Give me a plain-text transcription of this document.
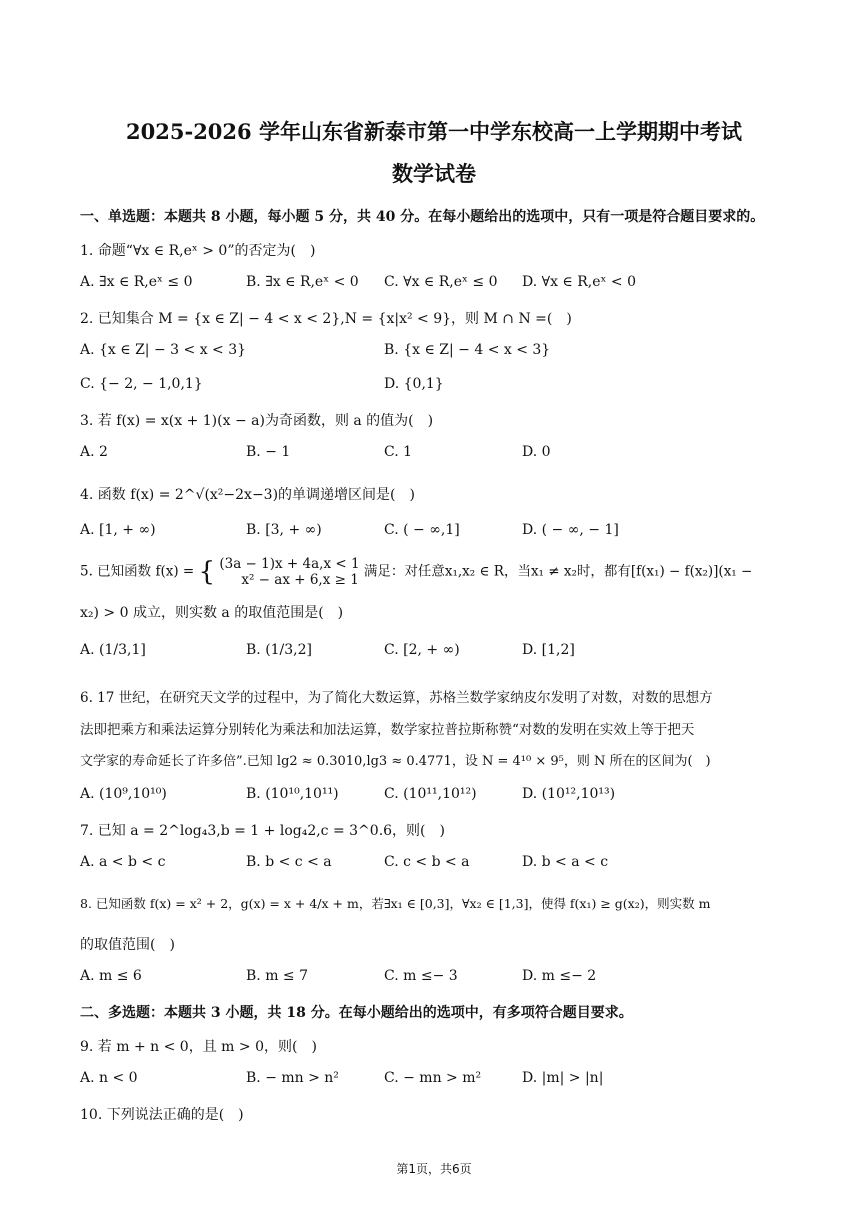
2025-2026 学年山东省新泰市第一中学东校高一上学期期中考试
数学试卷
一、单选题：本题共 8 小题，每小题 5 分，共 40 分。在每小题给出的选项中，只有一项是符合题目要求的。
1. 命题“∀x ∈ R,eˣ > 0”的否定为(　)
A. ∃x ∈ R,eˣ ≤ 0	B. ∃x ∈ R,eˣ < 0 C. ∀x ∈ R,eˣ ≤ 0 D. ∀x ∈ R,eˣ < 0
2. 已知集合 M = {x ∈ Z| − 4 < x < 2},N = {x|x² < 9}，则 M ∩ N =(　)
A. {x ∈ Z| − 3 < x < 3}	B. {x ∈ Z| − 4 < x < 3}
C. {− 2, − 1,0,1}	D. {0,1}
3. 若 f(x) = x(x + 1)(x − a)为奇函数，则 a 的值为(　)
A. 2	B. − 1	C. 1	D. 0
4. 函数 f(x) = 2^√(x²−2x−3)的单调递增区间是(　)
A. [1, + ∞)	B. [3, + ∞)	C. ( − ∞,1]	D. ( − ∞, − 1]
5. 已知函数 f(x) = { (3a − 1)x + 4a,x < 1
x² − ax + 6,x ≥ 1
满足：对任意x₁,x₂ ∈ R，当x₁ ≠ x₂时，都有[f(x₁) − f(x₂)](x₁ −
x₂) > 0 成立，则实数 a 的取值范围是(　)
A. (1/3,1]	B. (1/3,2]	C. [2, + ∞)	D. [1,2]
6. 17 世纪，在研究天文学的过程中，为了简化大数运算，苏格兰数学家纳皮尔发明了对数，对数的思想方
法即把乘方和乘法运算分别转化为乘法和加法运算，数学家拉普拉斯称赞“对数的发明在实效上等于把天
文学家的寿命延长了许多倍”.已知 lg2 ≈ 0.3010,lg3 ≈ 0.4771，设 N = 4¹⁰ × 9⁵，则 N 所在的区间为(　)
A. (10⁹,10¹⁰)	B. (10¹⁰,10¹¹)	C. (10¹¹,10¹²)	D. (10¹²,10¹³)
7. 已知 a = 2^log₄3,b = 1 + log₄2,c = 3^0.6，则(　)
A. a < b < c	B. b < c < a	C. c < b < a	D. b < a < c
8. 已知函数 f(x) = x² + 2，g(x) = x + 4/x + m，若∃x₁ ∈ [0,3]，∀x₂ ∈ [1,3]，使得 f(x₁) ≥ g(x₂)，则实数 m
的取值范围(　)
A. m ≤ 6	B. m ≤ 7	C. m ≤− 3	D. m ≤− 2
二、多选题：本题共 3 小题，共 18 分。在每小题给出的选项中，有多项符合题目要求。
9. 若 m + n < 0，且 m > 0，则(　)
A. n < 0	B. − mn > n²	C. − mn > m²	D. |m| > |n|
10. 下列说法正确的是(　)
第1页，共6页
